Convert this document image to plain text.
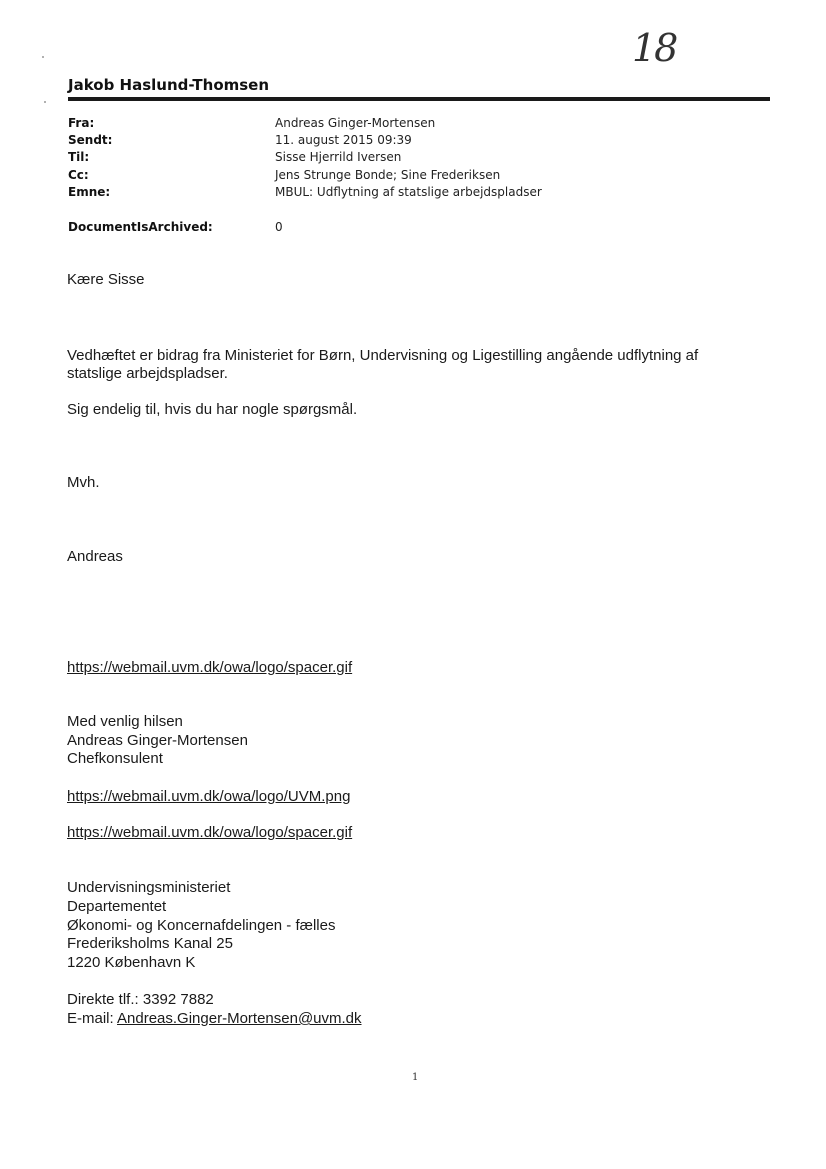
18
Jakob Haslund-Thomsen
Fra:	Andreas Ginger-Mortensen
Sendt:	11. august 2015 09:39
Til:	Sisse Hjerrild Iversen
Cc:	Jens Strunge Bonde; Sine Frederiksen
Emne:	MBUL: Udflytning af statslige arbejdspladser
DocumentIsArchived:	0
Kære Sisse
Vedhæftet er bidrag fra Ministeriet for Børn, Undervisning og Ligestilling angående udflytning af
statslige arbejdspladser.
Sig endelig til, hvis du har nogle spørgsmål.
Mvh.
Andreas
https://webmail.uvm.dk/owa/logo/spacer.gif
Med venlig hilsen
Andreas Ginger-Mortensen
Chefkonsulent
https://webmail.uvm.dk/owa/logo/UVM.png
https://webmail.uvm.dk/owa/logo/spacer.gif
Undervisningsministeriet
Departementet
Økonomi- og Koncernafdelingen - fælles
Frederiksholms Kanal 25
1220 København K
Direkte tlf.: 3392 7882
E-mail: Andreas.Ginger-Mortensen@uvm.dk
1
